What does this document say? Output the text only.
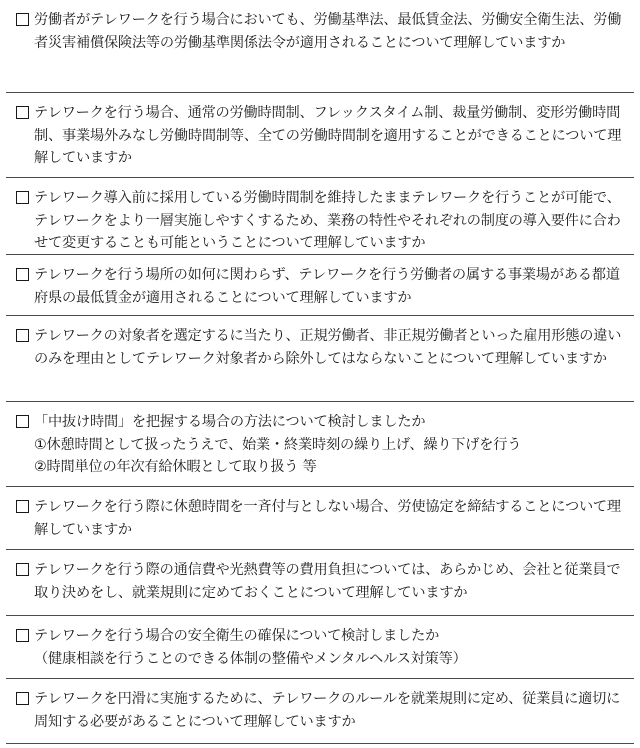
労働者がテレワークを行う場合においても、労働基準法、最低賃金法、労働安全衛生法、労働者災害補償保険法等の労働基準関係法令が適用されることについて理解していますか
テレワークを行う場合、通常の労働時間制、フレックスタイム制、裁量労働制、変形労働時間制、事業場外みなし労働時間制等、全ての労働時間制を適用することができることについて理解していますか
テレワーク導入前に採用している労働時間制を維持したままテレワークを行うことが可能で、テレワークをより一層実施しやすくするため、業務の特性やそれぞれの制度の導入要件に合わせて変更することも可能ということについて理解していますか
テレワークを行う場所の如何に関わらず、テレワークを行う労働者の属する事業場がある都道府県の最低賃金が適用されることについて理解していますか
テレワークの対象者を選定するに当たり、正規労働者、非正規労働者といった雇用形態の違いのみを理由としてテレワーク対象者から除外してはならないことについて理解していますか
「中抜け時間」を把握する場合の方法について検討しましたか
①休憩時間として扱ったうえで、始業・終業時刻の繰り上げ、繰り下げを行う
②時間単位の年次有給休暇として取り扱う 等
テレワークを行う際に休憩時間を一斉付与としない場合、労使協定を締結することについて理解していますか
テレワークを行う際の通信費や光熱費等の費用負担については、あらかじめ、会社と従業員で取り決めをし、就業規則に定めておくことについて理解していますか
テレワークを行う場合の安全衛生の確保について検討しましたか
（健康相談を行うことのできる体制の整備やメンタルヘルス対策等）
テレワークを円滑に実施するために、テレワークのルールを就業規則に定め、従業員に適切に周知する必要があることについて理解していますか
